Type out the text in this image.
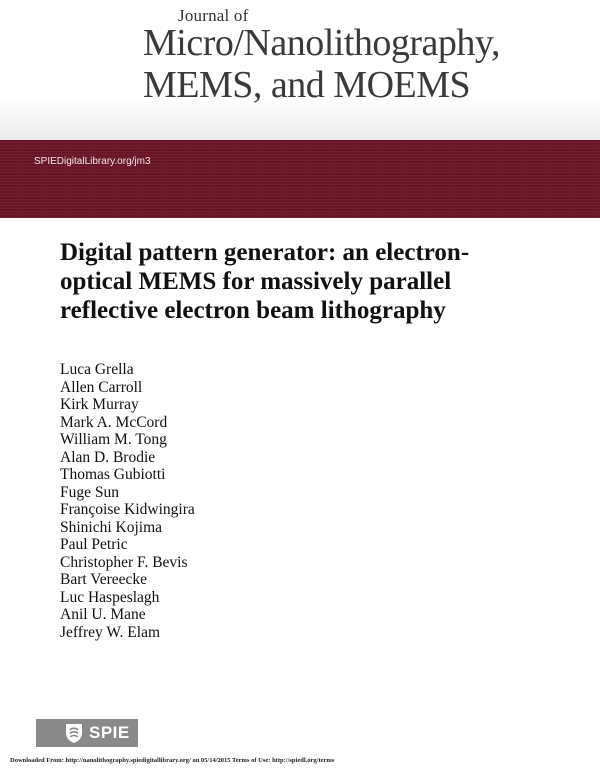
Journal of
Micro/Nanolithography, MEMS, and MOEMS
SPIEDigitalLibrary.org/jm3
Digital pattern generator: an electron-optical MEMS for massively parallel reflective electron beam lithography
Luca Grella
Allen Carroll
Kirk Murray
Mark A. McCord
William M. Tong
Alan D. Brodie
Thomas Gubiotti
Fuge Sun
Françoise Kidwingira
Shinichi Kojima
Paul Petric
Christopher F. Bevis
Bart Vereecke
Luc Haspeslagh
Anil U. Mane
Jeffrey W. Elam
SPIE
Downloaded From: http://nanolithography.spiedigitallibrary.org/ on 05/14/2015 Terms of Use: http://spiedl.org/terms
